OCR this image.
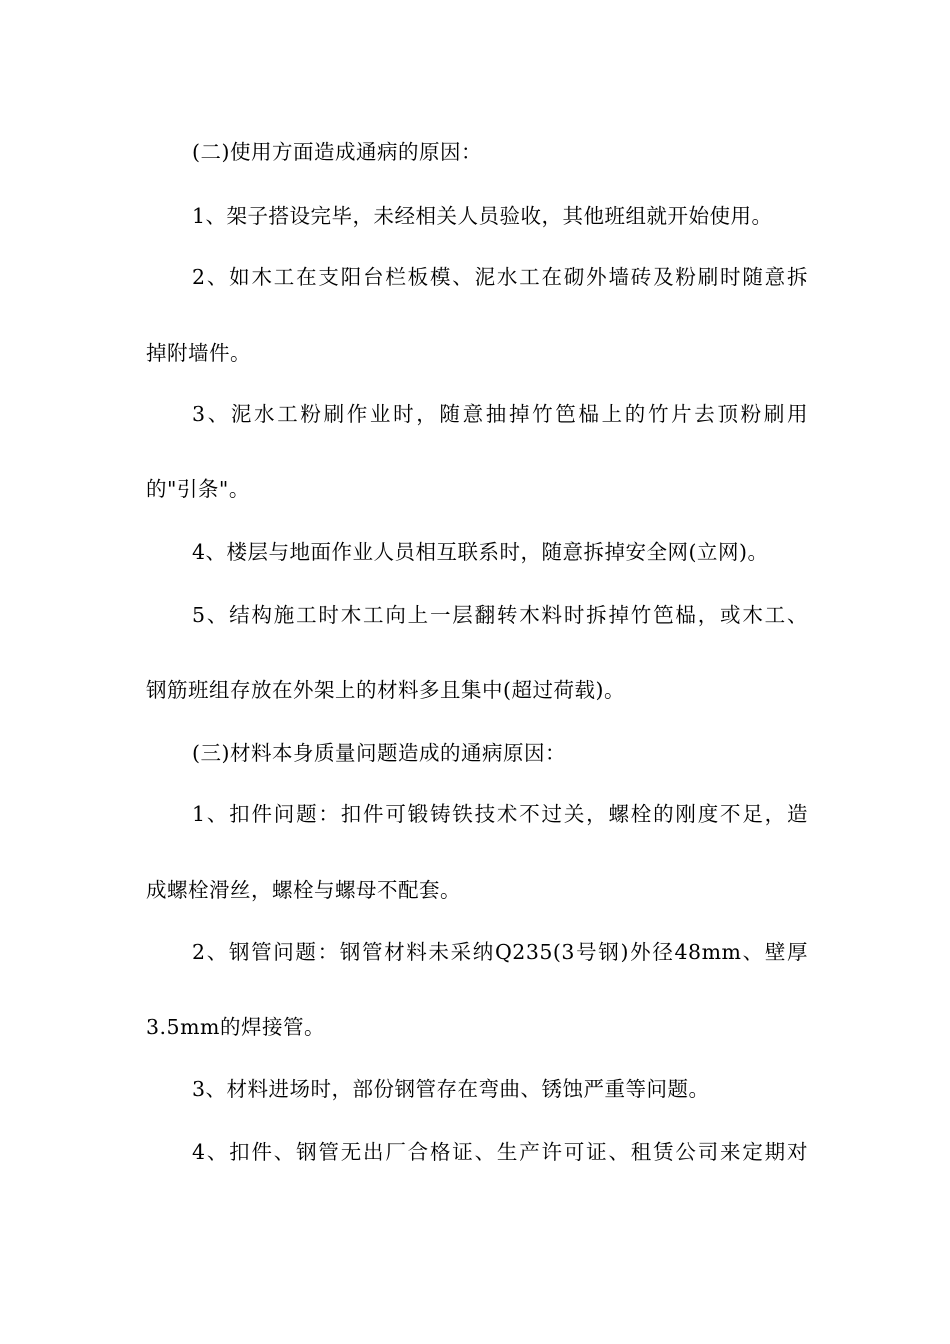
(二)使用方面造成通病的原因：
1、架子搭设完毕，未经相关人员验收，其他班组就开始使用。
2、如木工在支阳台栏板模、泥水工在砌外墙砖及粉刷时随意拆
掉附墙件。
3、泥水工粉刷作业时，随意抽掉竹笆榀上的竹片去顶粉刷用
的"引条"。
4、楼层与地面作业人员相互联系时，随意拆掉安全网(立网)。
5、结构施工时木工向上一层翻转木料时拆掉竹笆榀，或木工、
钢筋班组存放在外架上的材料多且集中(超过荷载)。
(三)材料本身质量问题造成的通病原因：
1、扣件问题：扣件可锻铸铁技术不过关，螺栓的刚度不足，造
成螺栓滑丝，螺栓与螺母不配套。
2、钢管问题：钢管材料未采纳Q235(3号钢)外径48mm、壁厚
3.5mm的焊接管。
3、材料进场时，部份钢管存在弯曲、锈蚀严重等问题。
4、扣件、钢管无出厂合格证、生产许可证、租赁公司来定期对
